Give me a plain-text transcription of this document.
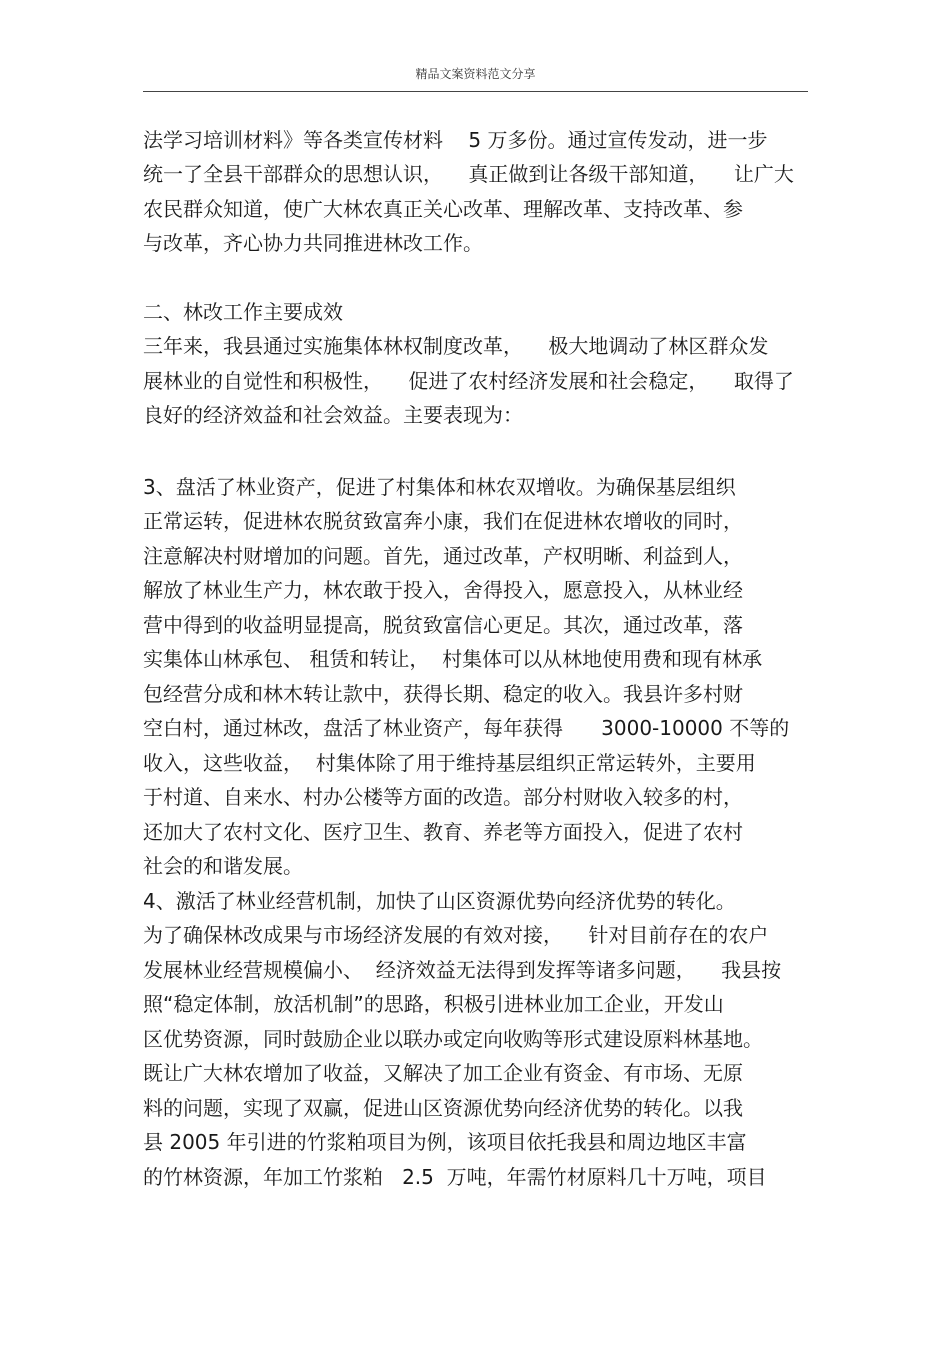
精品文案资料范文分享
法学习培训材料》等各类宣传材料    5 万多份。通过宣传发动，进一步
统一了全县干部群众的思想认识，    真正做到让各级干部知道，    让广大
农民群众知道，使广大林农真正关心改革、理解改革、支持改革、参
与改革，齐心协力共同推进林改工作。
二、林改工作主要成效
三年来，我县通过实施集体林权制度改革，    极大地调动了林区群众发
展林业的自觉性和积极性，    促进了农村经济发展和社会稳定，    取得了
良好的经济效益和社会效益。主要表现为：
3、盘活了林业资产，促进了村集体和林农双增收。为确保基层组织
正常运转，促进林农脱贫致富奔小康，我们在促进林农增收的同时，
注意解决村财增加的问题。首先，通过改革，产权明晰、利益到人，
解放了林业生产力，林农敢于投入，舍得投入，愿意投入，从林业经
营中得到的收益明显提高，脱贫致富信心更足。其次，通过改革，落
实集体山林承包、 租赁和转让，  村集体可以从林地使用费和现有林承
包经营分成和林木转让款中，获得长期、稳定的收入。我县许多村财
空白村，通过林改，盘活了林业资产，每年获得      3000-10000 不等的
收入，这些收益，  村集体除了用于维持基层组织正常运转外，主要用
于村道、自来水、村办公楼等方面的改造。部分村财收入较多的村，
还加大了农村文化、医疗卫生、教育、养老等方面投入，促进了农村
社会的和谐发展。
4、激活了林业经营机制，加快了山区资源优势向经济优势的转化。
为了确保林改成果与市场经济发展的有效对接，    针对目前存在的农户
发展林业经营规模偏小、  经济效益无法得到发挥等诸多问题，    我县按
照“稳定体制，放活机制”的思路，积极引进林业加工企业，开发山
区优势资源，同时鼓励企业以联办或定向收购等形式建设原料林基地。
既让广大林农增加了收益，又解决了加工企业有资金、有市场、无原
料的问题，实现了双赢，促进山区资源优势向经济优势的转化。以我
县 2005 年引进的竹浆粕项目为例，该项目依托我县和周边地区丰富
的竹林资源，年加工竹浆粕   2.5  万吨，年需竹材原料几十万吨，项目
